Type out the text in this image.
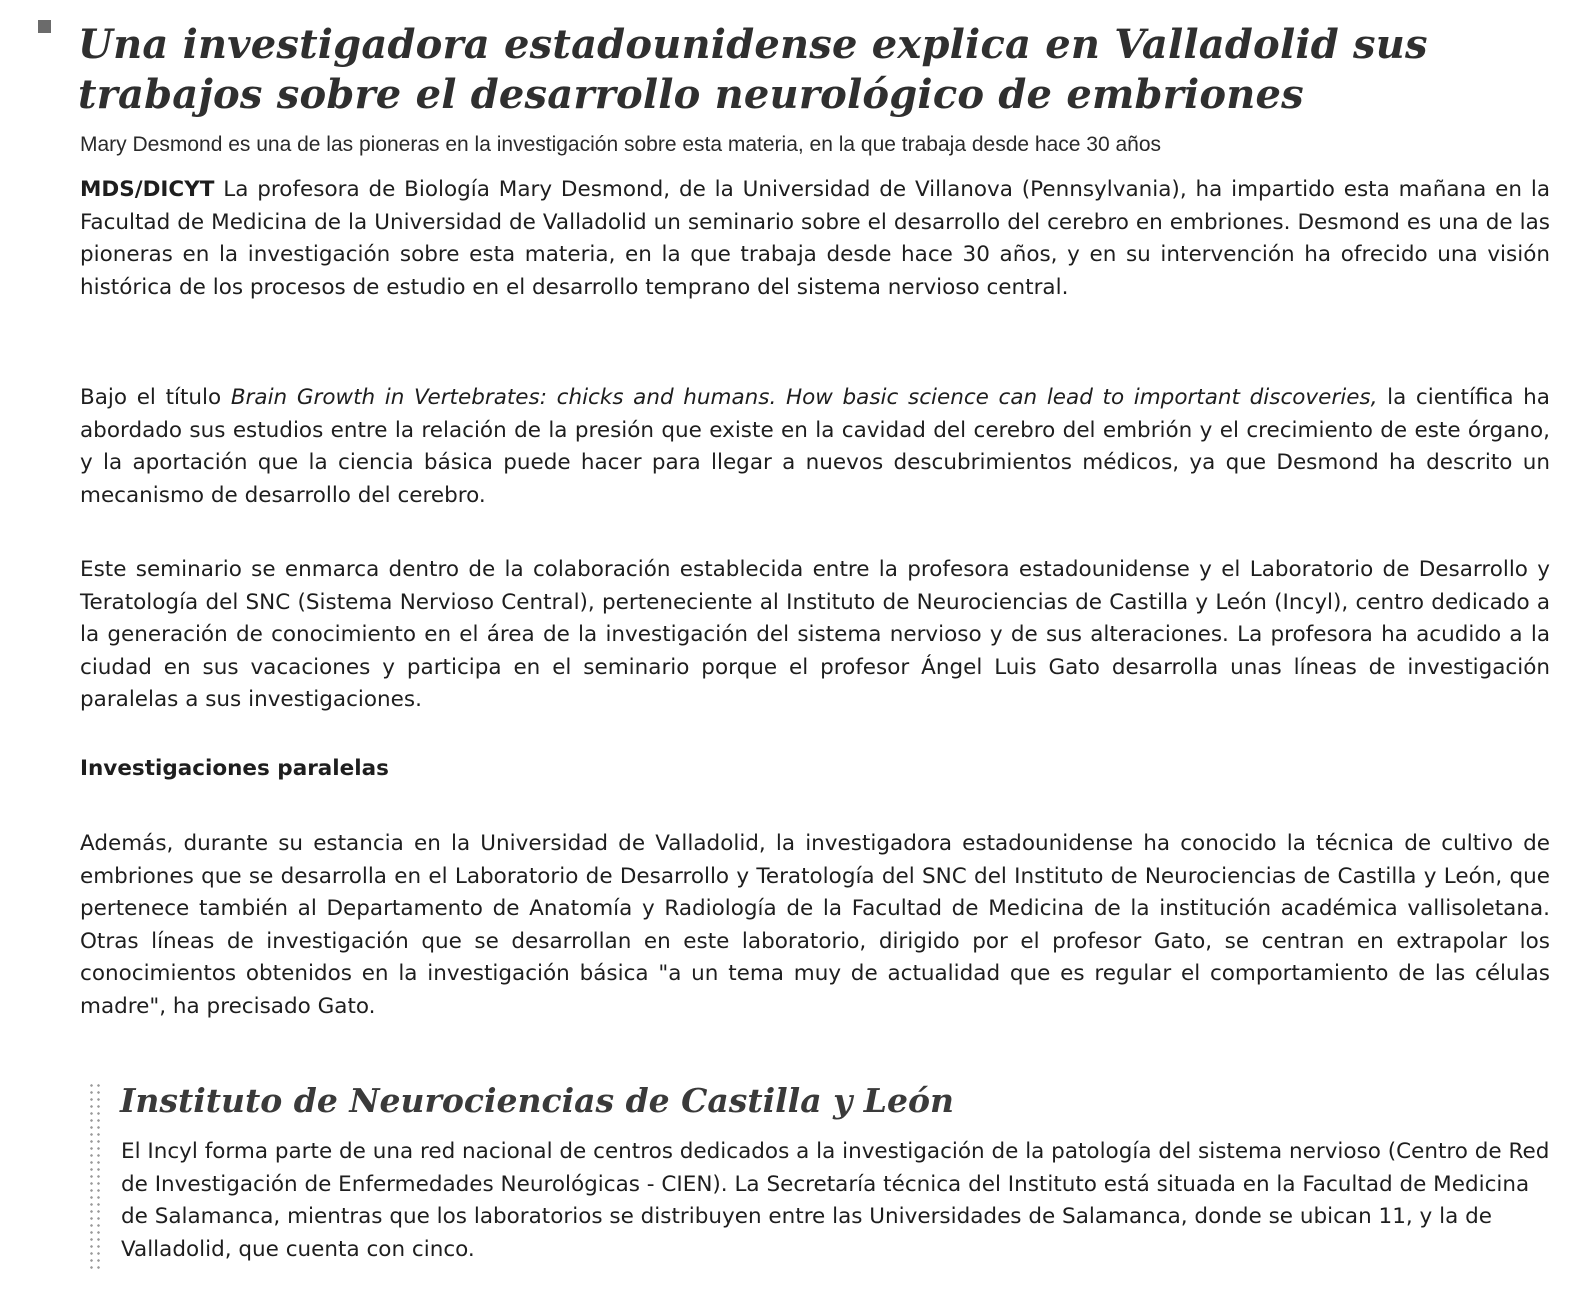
Una investigadora estadounidense explica en Valladolid sus trabajos sobre el desarrollo neurológico de embriones

Mary Desmond es una de las pioneras en la investigación sobre esta materia, en la que trabaja desde hace 30 años

MDS/DICYT La profesora de Biología Mary Desmond, de la Universidad de Villanova (Pennsylvania), ha impartido esta mañana en la Facultad de Medicina de la Universidad de Valladolid un seminario sobre el desarrollo del cerebro en embriones. Desmond es una de las pioneras en la investigación sobre esta materia, en la que trabaja desde hace 30 años, y en su intervención ha ofrecido una visión histórica de los procesos de estudio en el desarrollo temprano del sistema nervioso central.

Bajo el título Brain Growth in Vertebrates: chicks and humans. How basic science can lead to important discoveries, la científica ha abordado sus estudios entre la relación de la presión que existe en la cavidad del cerebro del embrión y el crecimiento de este órgano, y la aportación que la ciencia básica puede hacer para llegar a nuevos descubrimientos médicos, ya que Desmond ha descrito un mecanismo de desarrollo del cerebro.

Este seminario se enmarca dentro de la colaboración establecida entre la profesora estadounidense y el Laboratorio de Desarrollo y Teratología del SNC (Sistema Nervioso Central), perteneciente al Instituto de Neurociencias de Castilla y León (Incyl), centro dedicado a la generación de conocimiento en el área de la investigación del sistema nervioso y de sus alteraciones. La profesora ha acudido a la ciudad en sus vacaciones y participa en el seminario porque el profesor Ángel Luis Gato desarrolla unas líneas de investigación paralelas a sus investigaciones.

Investigaciones paralelas

Además, durante su estancia en la Universidad de Valladolid, la investigadora estadounidense ha conocido la técnica de cultivo de embriones que se desarrolla en el Laboratorio de Desarrollo y Teratología del SNC del Instituto de Neurociencias de Castilla y León, que pertenece también al Departamento de Anatomía y Radiología de la Facultad de Medicina de la institución académica vallisoletana. Otras líneas de investigación que se desarrollan en este laboratorio, dirigido por el profesor Gato, se centran en extrapolar los conocimientos obtenidos en la investigación básica "a un tema muy de actualidad que es regular el comportamiento de las células madre", ha precisado Gato.

Instituto de Neurociencias de Castilla y León

El Incyl forma parte de una red nacional de centros dedicados a la investigación de la patología del sistema nervioso (Centro de Red de Investigación de Enfermedades Neurológicas - CIEN). La Secretaría técnica del Instituto está situada en la Facultad de Medicina de Salamanca, mientras que los laboratorios se distribuyen entre las Universidades de Salamanca, donde se ubican 11, y la de Valladolid, que cuenta con cinco.
